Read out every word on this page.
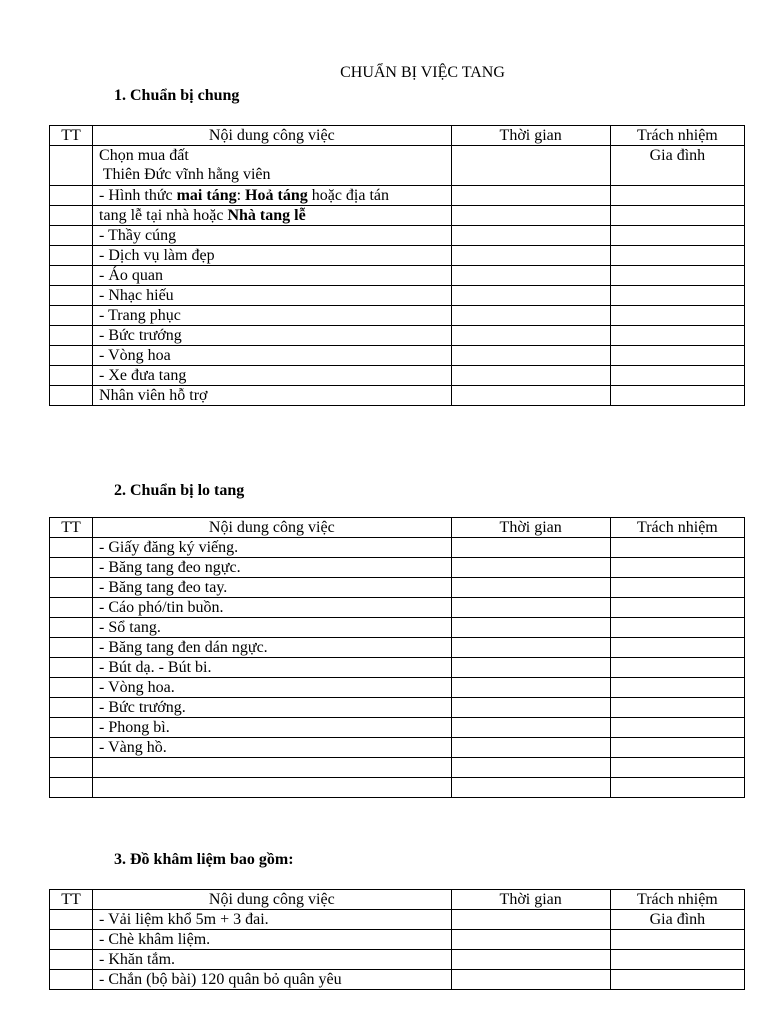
CHUẨN BỊ VIỆC TANG
1. Chuẩn bị chung
TT	Nội dung công việc	Thời gian	Trách nhiệm

	Chọn mua đất
Thiên Đức vĩnh hằng viên		Gia đình
	- Hình thức mai táng: Hoả táng hoặc địa tán		
	tang lễ tại nhà hoặc Nhà tang lễ		
	- Thầy cúng		
	- Dịch vụ làm đẹp		
	- Áo quan		
	- Nhạc hiếu		
	- Trang phục		
	- Bức trướng		
	- Vòng hoa		
	- Xe đưa tang		
	Nhân viên hỗ trợ		
2. Chuẩn bị lo tang
TT	Nội dung công việc	Thời gian	Trách nhiệm
	- Giấy đăng ký viếng.		
	- Băng tang đeo ngực.		
	- Băng tang đeo tay.		
	- Cáo phó/tin buồn.		
	- Sổ tang.		
	- Băng tang đen dán ngực.		
	- Bút dạ. - Bút bi.		
	- Vòng hoa.		
	- Bức trướng.		
	- Phong bì.		
	- Vàng hồ.		

3. Đồ khâm liệm bao gồm:
TT	Nội dung công việc	Thời gian	Trách nhiệm
	- Vải liệm khổ 5m + 3 đai.		Gia đình
	- Chè khâm liệm.		
	- Khăn tắm.		
	- Chắn (bộ bài) 120 quân bỏ quân yêu		
